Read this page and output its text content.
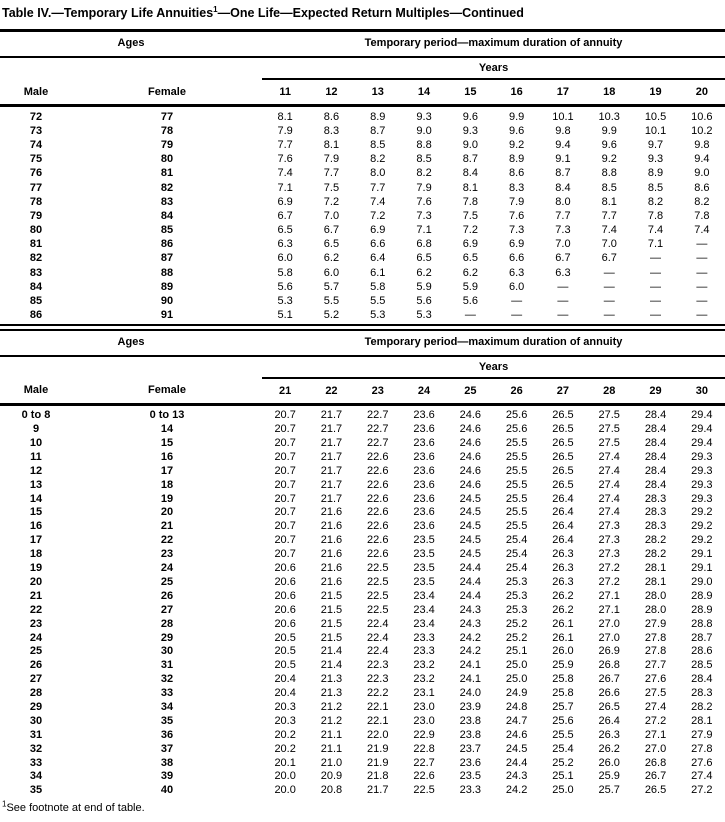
Table IV.—Temporary Life Annuities$^1$—One Life—Expected Return Multiples—Continued
Ages		Temporary period—maximum duration of annuity									
		Years									
Male	Female	11	12	13	14	15	16	17	18	19	20
72	77	8.1	8.6	8.9	9.3	9.6	9.9	10.1	10.3	10.5	10.6
73	78	7.9	8.3	8.7	9.0	9.3	9.6	9.8	9.9	10.1	10.2
74	79	7.7	8.1	8.5	8.8	9.0	9.2	9.4	9.6	9.7	9.8
75	80	7.6	7.9	8.2	8.5	8.7	8.9	9.1	9.2	9.3	9.4
76	81	7.4	7.7	8.0	8.2	8.4	8.6	8.7	8.8	8.9	9.0
77	82	7.1	7.5	7.7	7.9	8.1	8.3	8.4	8.5	8.5	8.6
78	83	6.9	7.2	7.4	7.6	7.8	7.9	8.0	8.1	8.2	8.2
79	84	6.7	7.0	7.2	7.3	7.5	7.6	7.7	7.7	7.8	7.8
80	85	6.5	6.7	6.9	7.1	7.2	7.3	7.3	7.4	7.4	7.4
81	86	6.3	6.5	6.6	6.8	6.9	6.9	7.0	7.0	7.1	—
82	87	6.0	6.2	6.4	6.5	6.5	6.6	6.7	6.7	—	—
83	88	5.8	6.0	6.1	6.2	6.2	6.3	6.3	—	—	—
84	89	5.6	5.7	5.8	5.9	5.9	6.0	—	—	—	—
85	90	5.3	5.5	5.5	5.6	5.6	—	—	—	—	—
86	91	5.1	5.2	5.3	5.3	—	—	—	—	—	—
Ages		Temporary period—maximum duration of annuity									
		Years									
Male	Female	21	22	23	24	25	26	27	28	29	30
0 to 8	0 to 13	20.7	21.7	22.7	23.6	24.6	25.6	26.5	27.5	28.4	29.4
9	14	20.7	21.7	22.7	23.6	24.6	25.6	26.5	27.5	28.4	29.4
10	15	20.7	21.7	22.7	23.6	24.6	25.5	26.5	27.5	28.4	29.4
11	16	20.7	21.7	22.6	23.6	24.6	25.5	26.5	27.4	28.4	29.3
12	17	20.7	21.7	22.6	23.6	24.6	25.5	26.5	27.4	28.4	29.3
13	18	20.7	21.7	22.6	23.6	24.6	25.5	26.5	27.4	28.4	29.3
14	19	20.7	21.7	22.6	23.6	24.5	25.5	26.4	27.4	28.3	29.3
15	20	20.7	21.6	22.6	23.6	24.5	25.5	26.4	27.4	28.3	29.2
16	21	20.7	21.6	22.6	23.6	24.5	25.5	26.4	27.3	28.3	29.2
17	22	20.7	21.6	22.6	23.5	24.5	25.4	26.4	27.3	28.2	29.2
18	23	20.7	21.6	22.6	23.5	24.5	25.4	26.3	27.3	28.2	29.1
19	24	20.6	21.6	22.5	23.5	24.4	25.4	26.3	27.2	28.1	29.1
20	25	20.6	21.6	22.5	23.5	24.4	25.3	26.3	27.2	28.1	29.0
21	26	20.6	21.5	22.5	23.4	24.4	25.3	26.2	27.1	28.0	28.9
22	27	20.6	21.5	22.5	23.4	24.3	25.3	26.2	27.1	28.0	28.9
23	28	20.6	21.5	22.4	23.4	24.3	25.2	26.1	27.0	27.9	28.8
24	29	20.5	21.5	22.4	23.3	24.2	25.2	26.1	27.0	27.8	28.7
25	30	20.5	21.4	22.4	23.3	24.2	25.1	26.0	26.9	27.8	28.6
26	31	20.5	21.4	22.3	23.2	24.1	25.0	25.9	26.8	27.7	28.5
27	32	20.4	21.3	22.3	23.2	24.1	25.0	25.8	26.7	27.6	28.4
28	33	20.4	21.3	22.2	23.1	24.0	24.9	25.8	26.6	27.5	28.3
29	34	20.3	21.2	22.1	23.0	23.9	24.8	25.7	26.5	27.4	28.2
30	35	20.3	21.2	22.1	23.0	23.8	24.7	25.6	26.4	27.2	28.1
31	36	20.2	21.1	22.0	22.9	23.8	24.6	25.5	26.3	27.1	27.9
32	37	20.2	21.1	21.9	22.8	23.7	24.5	25.4	26.2	27.0	27.8
33	38	20.1	21.0	21.9	22.7	23.6	24.4	25.2	26.0	26.8	27.6
34	39	20.0	20.9	21.8	22.6	23.5	24.3	25.1	25.9	26.7	27.4
35	40	20.0	20.8	21.7	22.5	23.3	24.2	25.0	25.7	26.5	27.2
$^1$See footnote at end of table.
